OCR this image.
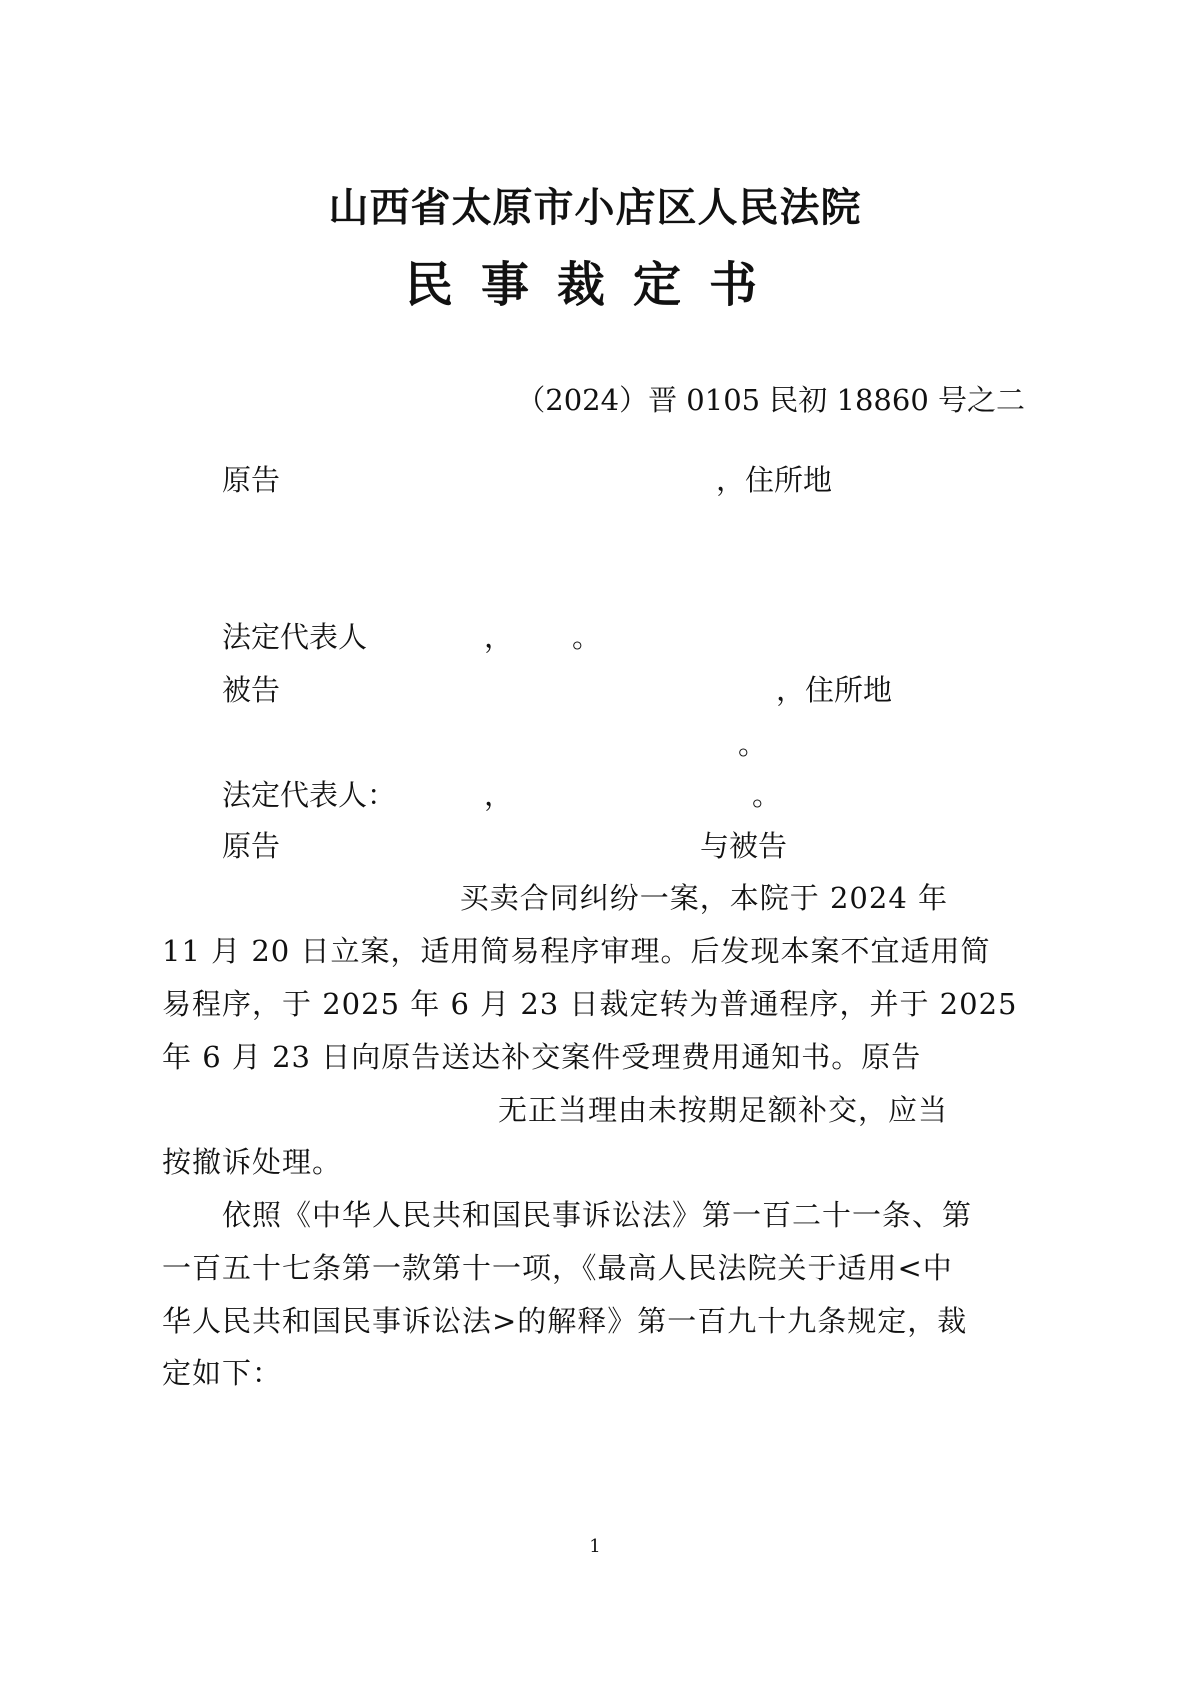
山西省太原市小店区人民法院
民事裁定书
（2024）晋 0105 民初 18860 号之二
原告	，住所地
法定代表人	， 。
被告	，住所地
。
法定代表人：	，	。
原告	与被告
买卖合同纠纷一案，本院于 2024 年
11 月 20 日立案，适用简易程序审理。后发现本案不宜适用简
易程序，于 2025 年 6 月 23 日裁定转为普通程序，并于 2025
年 6 月 23 日向原告送达补交案件受理费用通知书。原告
无正当理由未按期足额补交，应当
按撤诉处理。
依照《中华人民共和国民事诉讼法》第一百二十一条、第
一百五十七条第一款第十一项，《最高人民法院关于适用<中
华人民共和国民事诉讼法>的解释》第一百九十九条规定，裁
定如下：
1
